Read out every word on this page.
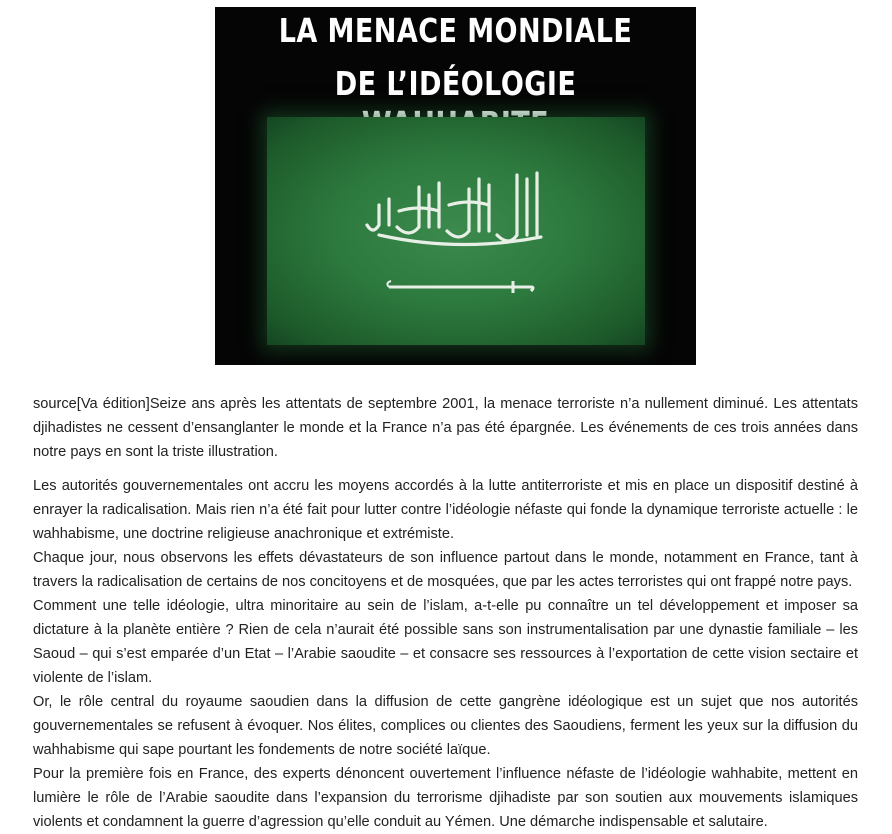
LA MENACE MONDIALE
DE L’IDÉOLOGIE

source[Va édition]Seize ans après les attentats de septembre 2001, la menace terroriste n’a nullement diminué. Les attentats djihadistes ne cessent d’ensanglanter le monde et la France n’a pas été épargnée. Les événements de ces trois années dans notre pays en sont la triste illustration.

Les autorités gouvernementales ont accru les moyens accordés à la lutte antiterroriste et mis en place un dispositif destiné à enrayer la radicalisation. Mais rien n’a été fait pour lutter contre l’idéologie néfaste qui fonde la dynamique terroriste actuelle : le wahhabisme, une doctrine religieuse anachronique et extrémiste.

Chaque jour, nous observons les effets dévastateurs de son influence partout dans le monde, notamment en France, tant à travers la radicalisation de certains de nos concitoyens et de mosquées, que par les actes terroristes qui ont frappé notre pays.

Comment une telle idéologie, ultra minoritaire au sein de l’islam, a-t-elle pu connaître un tel développement et imposer sa dictature à la planète entière ? Rien de cela n’aurait été possible sans son instrumentalisation par une dynastie familiale – les Saoud – qui s’est emparée d’un Etat – l’Arabie saoudite – et consacre ses ressources à l’exportation de cette vision sectaire et violente de l’islam.

Or, le rôle central du royaume saoudien dans la diffusion de cette gangrène idéologique est un sujet que nos autorités gouvernementales se refusent à évoquer. Nos élites, complices ou clientes des Saoudiens, ferment les yeux sur la diffusion du wahhabisme qui sape pourtant les fondements de notre société laïque.

Pour la première fois en France, des experts dénoncent ouvertement l’influence néfaste de l’idéologie wahhabite, mettent en lumière le rôle de l’Arabie saoudite dans l’expansion du terrorisme djihadiste par son soutien aux mouvements islamiques violents et condamnent la guerre d’agression qu’elle conduit au Yémen. Une démarche indispensable et salutaire.
